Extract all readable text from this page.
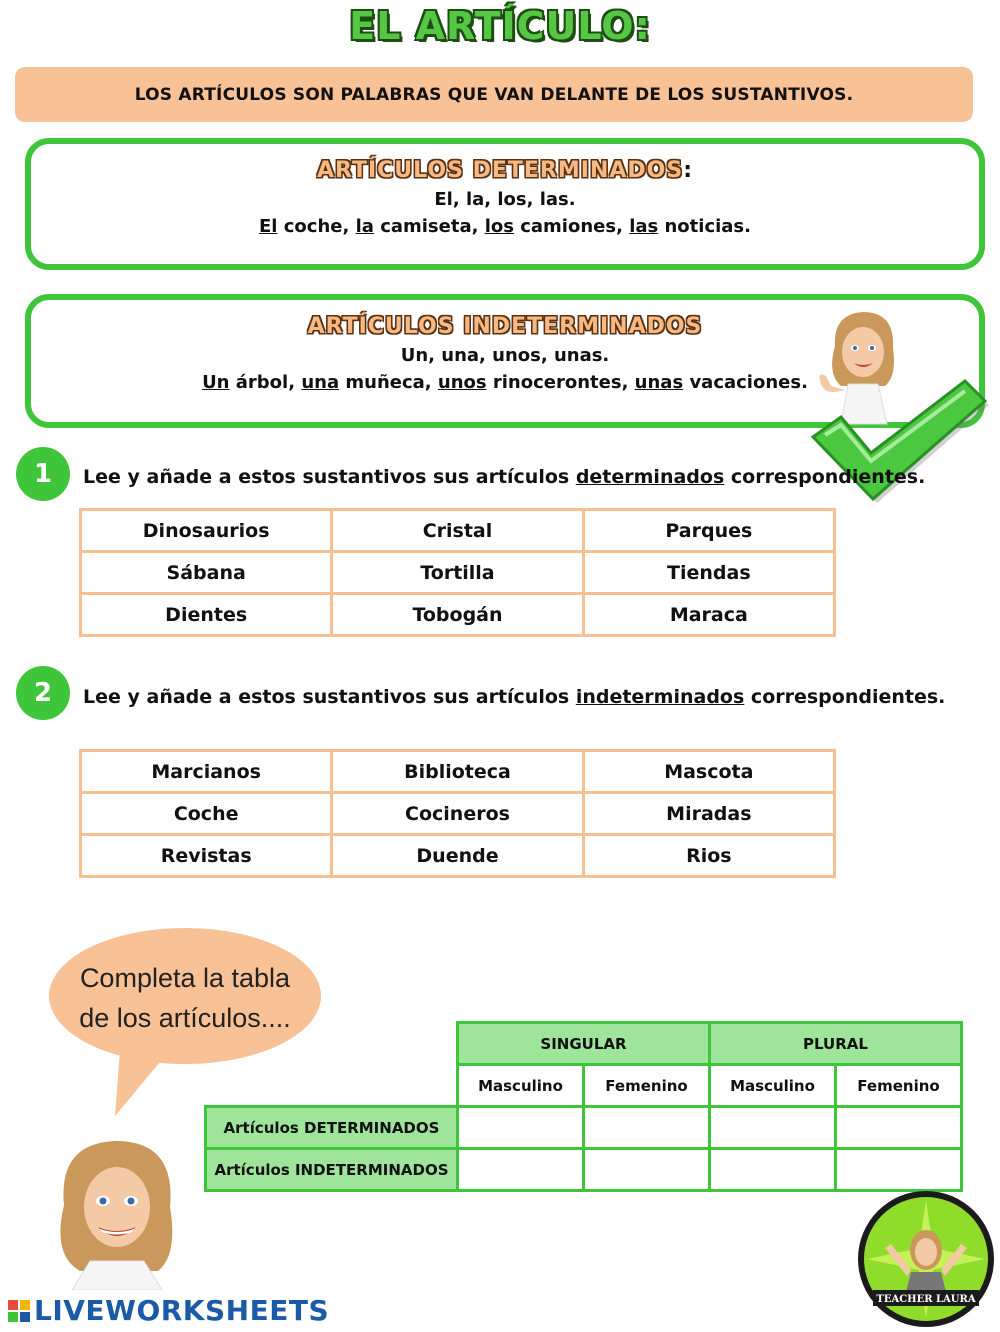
EL ARTÍCULO:
LOS ARTÍCULOS SON PALABRAS QUE VAN DELANTE DE LOS SUSTANTIVOS.
ARTÍCULOS DETERMINADOS:
El, la, los, las.
El coche, la camiseta, los camiones, las noticias.
ARTÍCULOS INDETERMINADOS
Un, una, unos, unas.
Un árbol, una muñeca, unos rinocerontes, unas vacaciones.
1	Lee y añade a estos sustantivos sus artículos determinados correspondientes.
Dinosaurios	Cristal	Parques
Sábana	Tortilla	Tiendas
Dientes	Tobogán	Maraca
2	Lee y añade a estos sustantivos sus artículos indeterminados correspondientes.
Marcianos	Biblioteca	Mascota
Coche	Cocineros	Miradas
Revistas	Duende	Rios
Completa la tabla
de los artículos....
	SINGULAR		PLURAL	
	Masculino	Femenino	Masculino	Femenino
Artículos DETERMINADOS				
Artículos INDETERMINADOS				
TEACHER LAURA
LIVEWORKSHEETS
